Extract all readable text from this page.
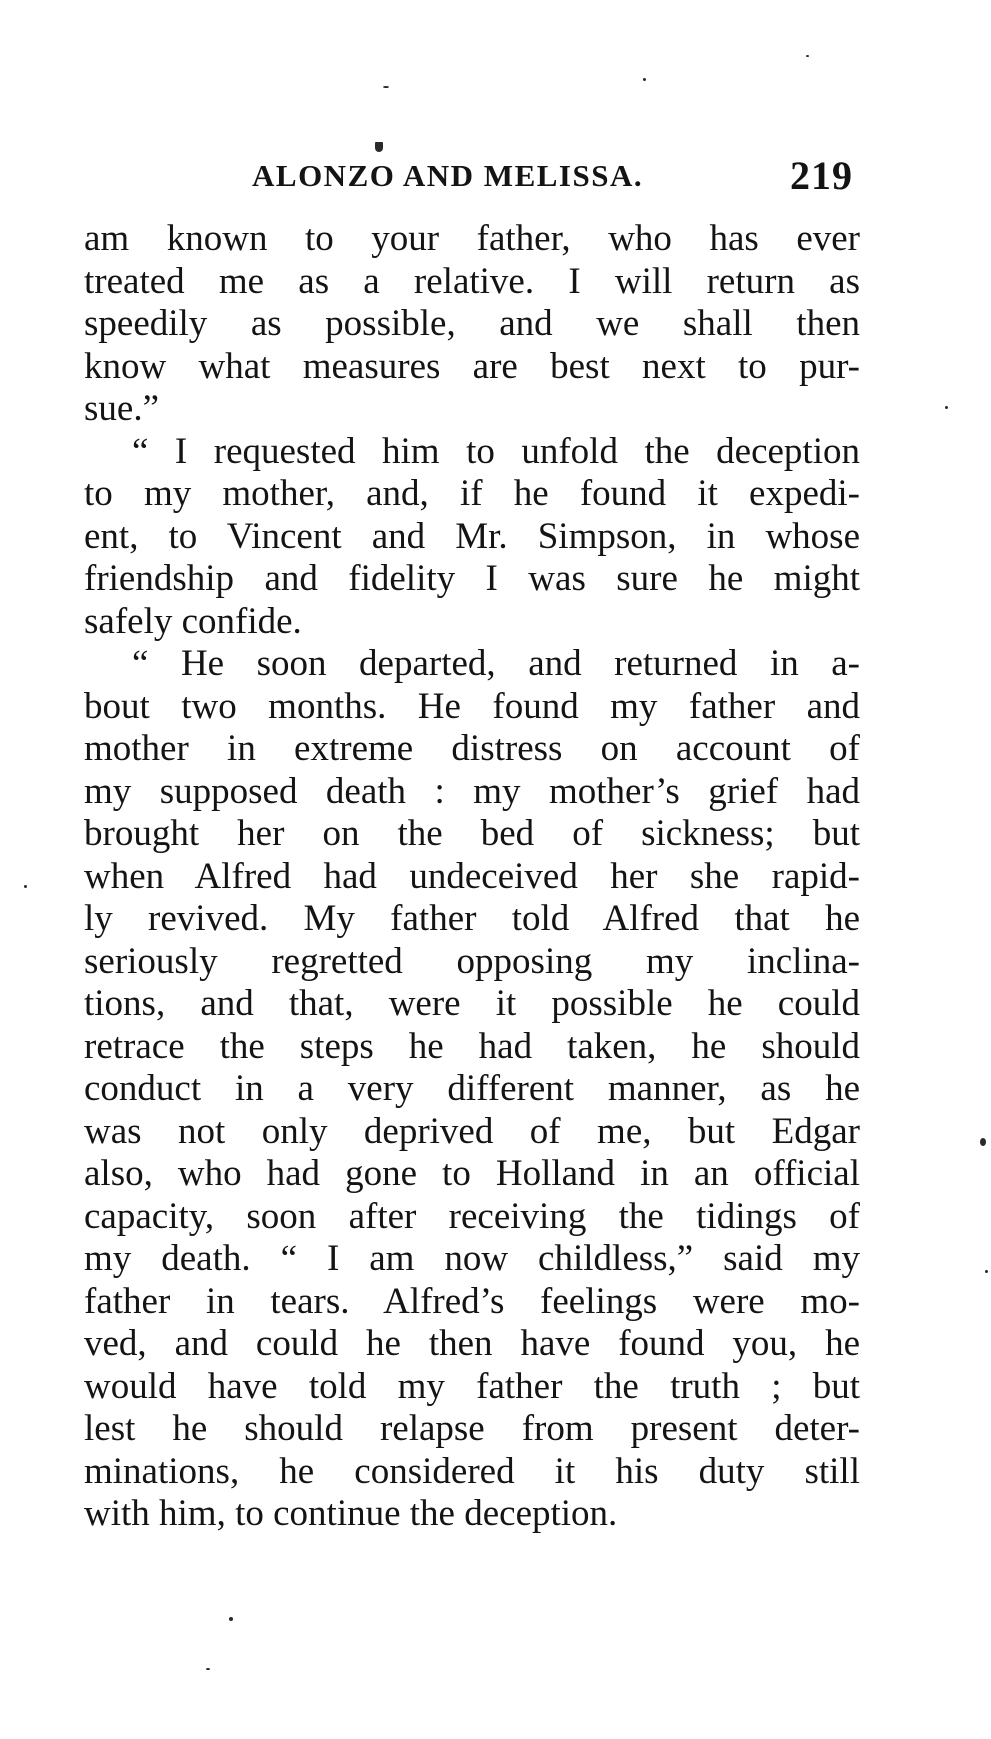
ALONZO AND MELISSA.	219
am known to your father, who has ever
treated me as a relative. I will return as
speedily as possible, and we shall then
know what measures are best next to pur-
sue.”
“ I requested him to unfold the deception
to my mother, and, if he found it expedi-
ent, to Vincent and Mr. Simpson, in whose
friendship and fidelity I was sure he might
safely confide.
“ He soon departed, and returned in a-
bout two months. He found my father and
mother in extreme distress on account of
my supposed death : my mother’s grief had
brought her on the bed of sickness; but
when Alfred had undeceived her she rapid-
ly revived. My father told Alfred that he
seriously regretted opposing my inclina-
tions, and that, were it possible he could
retrace the steps he had taken, he should
conduct in a very different manner, as he
was not only deprived of me, but Edgar
also, who had gone to Holland in an official
capacity, soon after receiving the tidings of
my death. “ I am now childless,” said my
father in tears. Alfred’s feelings were mo-
ved, and could he then have found you, he
would have told my father the truth ; but
lest he should relapse from present deter-
minations, he considered it his duty still
with him, to continue the deception.
